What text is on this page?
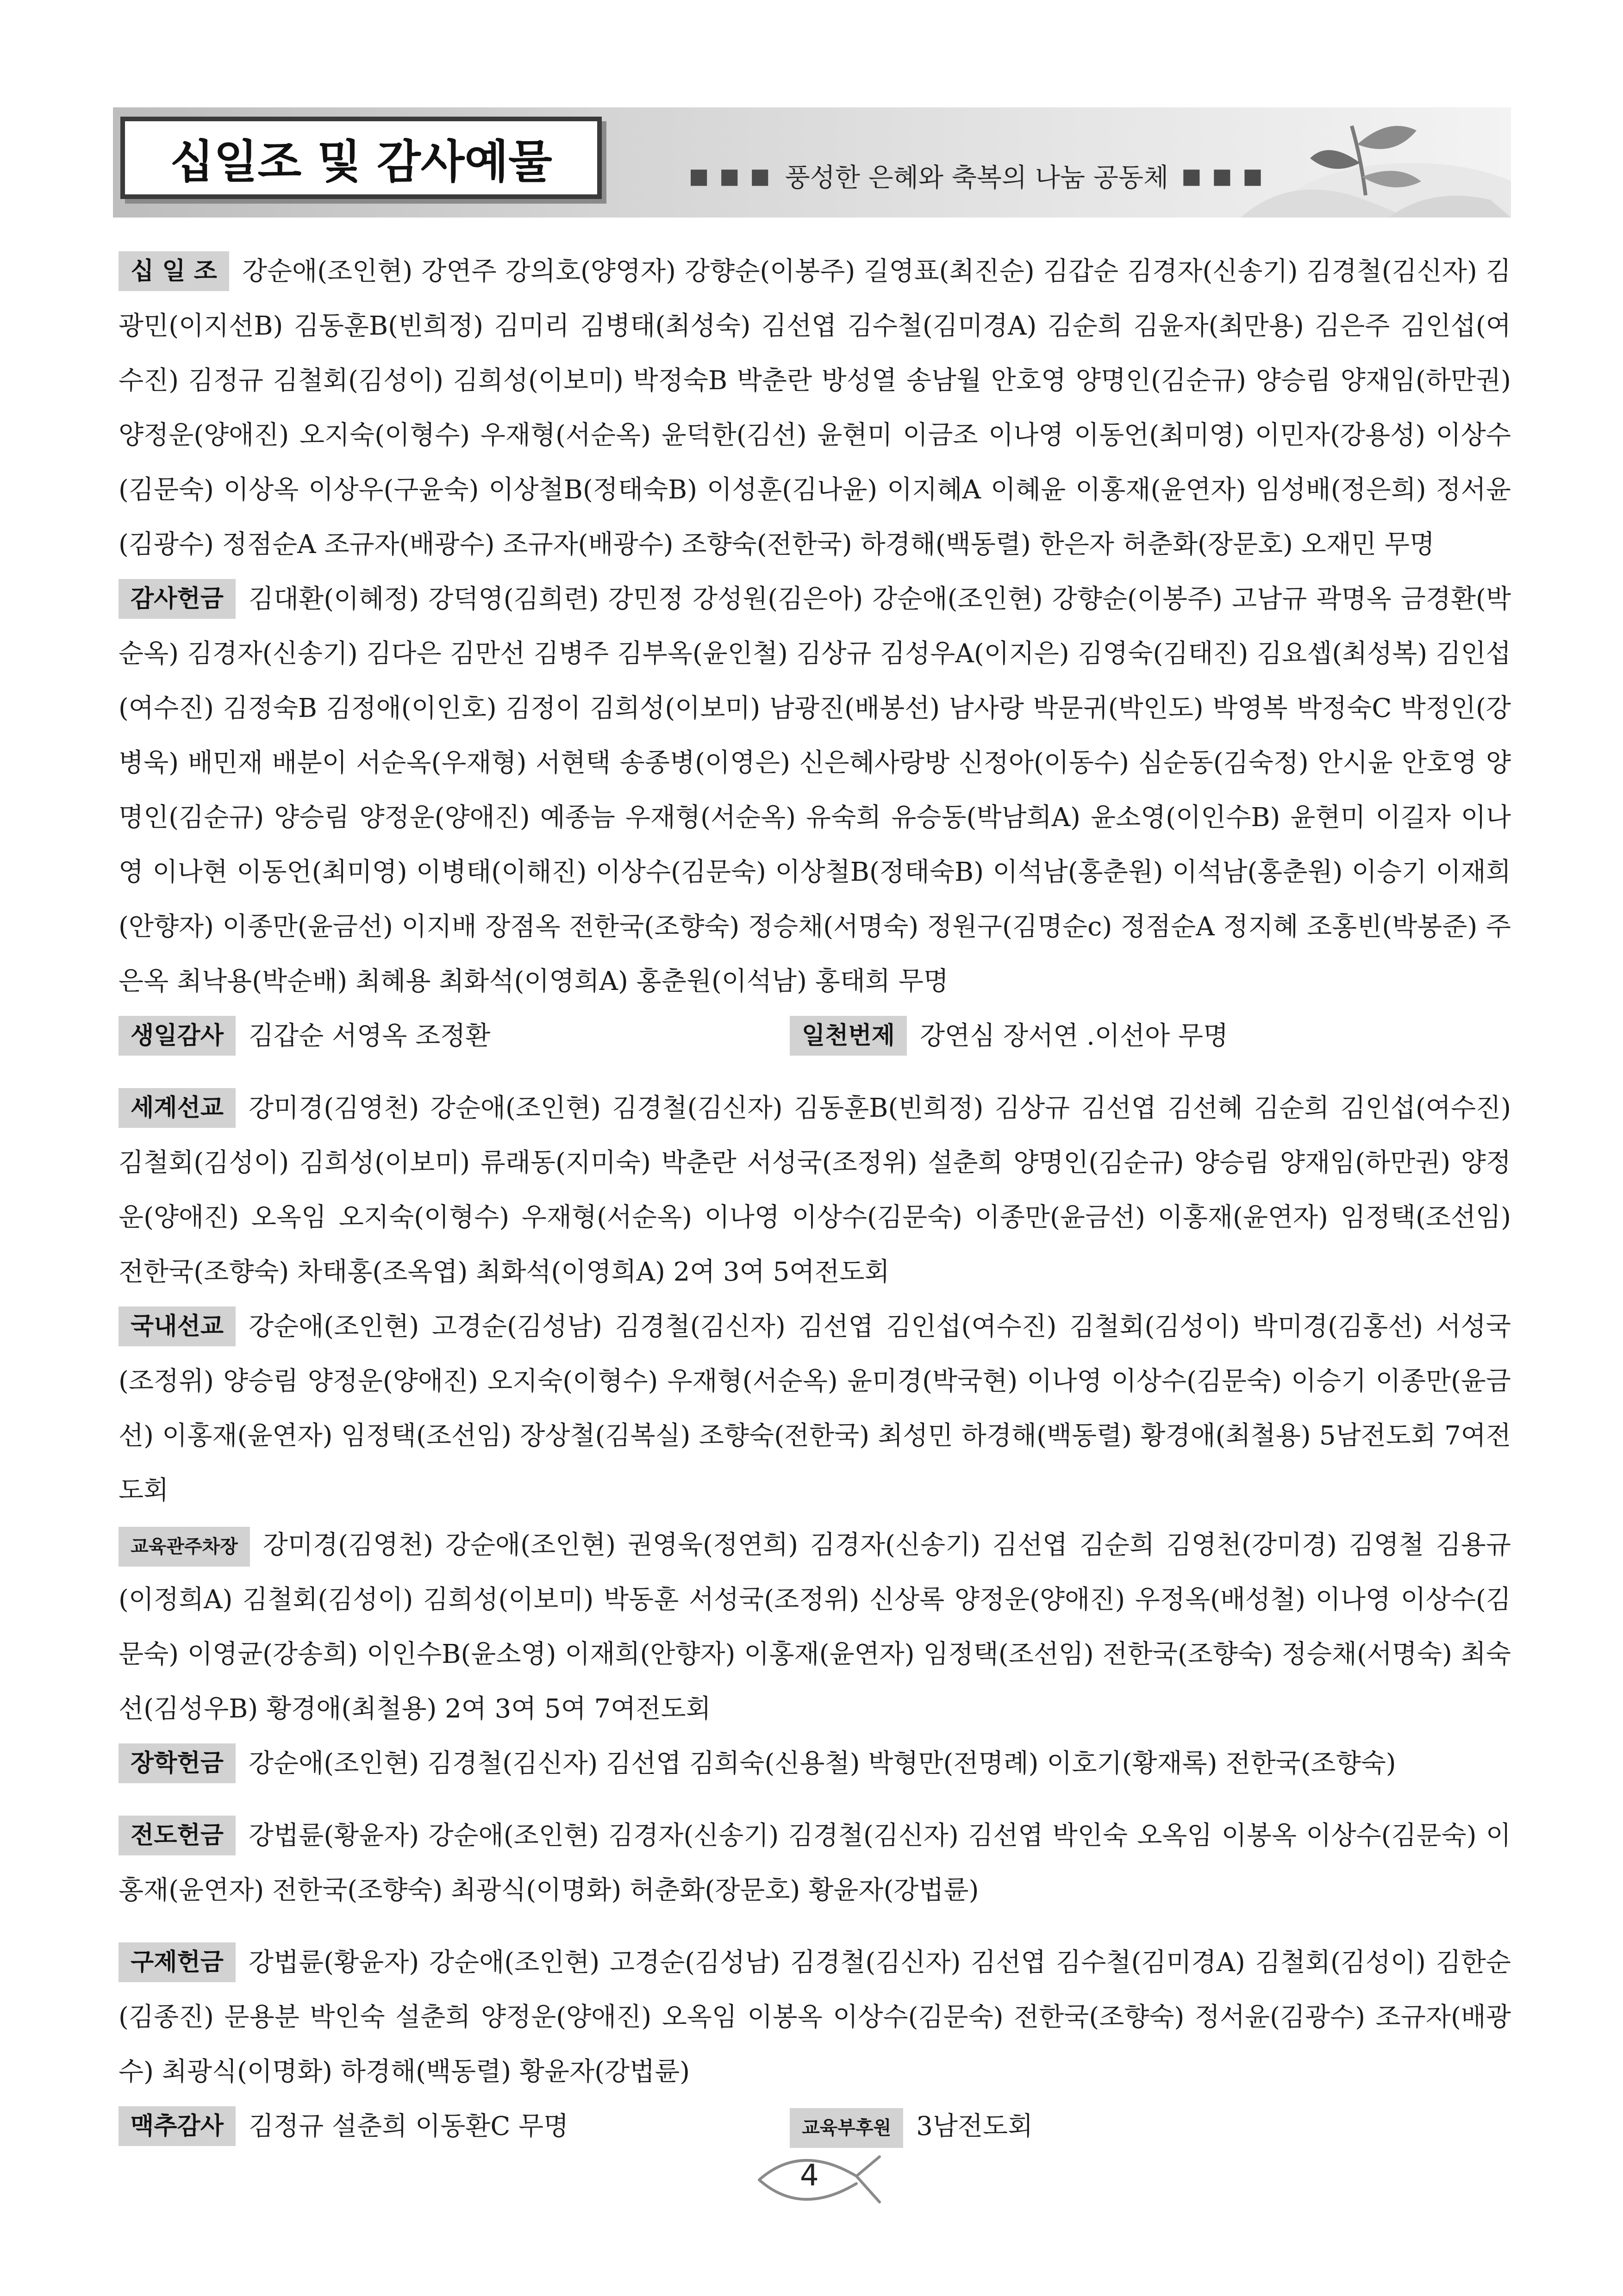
십일조 및 감사예물	■ ■ ■ 풍성한 은혜와 축복의 나눔 공동체 ■ ■ ■

십 일 조 강순애(조인현) 강연주 강의호(양영자) 강향순(이봉주) 길영표(최진순) 김갑순 김경자(신송기) 김경철(김신자) 김광민(이지선B) 김동훈B(빈희정) 김미리 김병태(최성숙) 김선엽 김수철(김미경A) 김순희 김윤자(최만용) 김은주 김인섭(여수진) 김정규 김철회(김성이) 김희성(이보미) 박정숙B 박춘란 방성열 송남월 안호영 양명인(김순규) 양승림 양재임(하만권) 양정운(양애진) 오지숙(이형수) 우재형(서순옥) 윤덕한(김선) 윤현미 이금조 이나영 이동언(최미영) 이민자(강용성) 이상수(김문숙) 이상옥 이상우(구윤숙) 이상철B(정태숙B) 이성훈(김나윤) 이지혜A 이혜윤 이홍재(윤연자) 임성배(정은희) 정서윤(김광수) 정점순A 조규자(배광수) 조규자(배광수) 조향숙(전한국) 하경해(백동렬) 한은자 허춘화(장문호) 오재민 무명

감사헌금 김대환(이혜정) 강덕영(김희련) 강민정 강성원(김은아) 강순애(조인현) 강향순(이봉주) 고남규 곽명옥 금경환(박순옥) 김경자(신송기) 김다은 김만선 김병주 김부옥(윤인철) 김상규 김성우A(이지은) 김영숙(김태진) 김요셉(최성복) 김인섭(여수진) 김정숙B 김정애(이인호) 김정이 김희성(이보미) 남광진(배봉선) 남사랑 박문귀(박인도) 박영복 박정숙C 박정인(강병욱) 배민재 배분이 서순옥(우재형) 서현택 송종병(이영은) 신은혜사랑방 신정아(이동수) 심순동(김숙정) 안시윤 안호영 양명인(김순규) 양승림 양정운(양애진) 예종늠 우재형(서순옥) 유숙희 유승동(박남희A) 윤소영(이인수B) 윤현미 이길자 이나영 이나현 이동언(최미영) 이병태(이해진) 이상수(김문숙) 이상철B(정태숙B) 이석남(홍춘원) 이석남(홍춘원) 이승기 이재희(안향자) 이종만(윤금선) 이지배 장점옥 전한국(조향숙) 정승채(서명숙) 정원구(김명순c) 정점순A 정지혜 조홍빈(박봉준) 주은옥 최낙용(박순배) 최혜용 최화석(이영희A) 홍춘원(이석남) 홍태희 무명

생일감사 김갑순 서영옥 조정환	일천번제 강연심 장서연 .이선아 무명

세계선교 강미경(김영천) 강순애(조인현) 김경철(김신자) 김동훈B(빈희정) 김상규 김선엽 김선혜 김순희 김인섭(여수진) 김철회(김성이) 김희성(이보미) 류래동(지미숙) 박춘란 서성국(조정위) 설춘희 양명인(김순규) 양승림 양재임(하만권) 양정운(양애진) 오옥임 오지숙(이형수) 우재형(서순옥) 이나영 이상수(김문숙) 이종만(윤금선) 이홍재(윤연자) 임정택(조선임) 전한국(조향숙) 차태홍(조옥엽) 최화석(이영희A) 2여 3여 5여전도회

국내선교 강순애(조인현) 고경순(김성남) 김경철(김신자) 김선엽 김인섭(여수진) 김철회(김성이) 박미경(김홍선) 서성국(조정위) 양승림 양정운(양애진) 오지숙(이형수) 우재형(서순옥) 윤미경(박국현) 이나영 이상수(김문숙) 이승기 이종만(윤금선) 이홍재(윤연자) 임정택(조선임) 장상철(김복실) 조향숙(전한국) 최성민 하경해(백동렬) 황경애(최철용) 5남전도회 7여전도회

교육관주차장 강미경(김영천) 강순애(조인현) 권영욱(정연희) 김경자(신송기) 김선엽 김순희 김영천(강미경) 김영철 김용규(이정희A) 김철회(김성이) 김희성(이보미) 박동훈 서성국(조정위) 신상록 양정운(양애진) 우정옥(배성철) 이나영 이상수(김문숙) 이영균(강송희) 이인수B(윤소영) 이재희(안향자) 이홍재(윤연자) 임정택(조선임) 전한국(조향숙) 정승채(서명숙) 최숙선(김성우B) 황경애(최철용) 2여 3여 5여 7여전도회

장학헌금 강순애(조인현) 김경철(김신자) 김선엽 김희숙(신용철) 박형만(전명례) 이호기(황재록) 전한국(조향숙)

전도헌금 강법륜(황윤자) 강순애(조인현) 김경자(신송기) 김경철(김신자) 김선엽 박인숙 오옥임 이봉옥 이상수(김문숙) 이홍재(윤연자) 전한국(조향숙) 최광식(이명화) 허춘화(장문호) 황윤자(강법륜)

구제헌금 강법륜(황윤자) 강순애(조인현) 고경순(김성남) 김경철(김신자) 김선엽 김수철(김미경A) 김철회(김성이) 김한순(김종진) 문용분 박인숙 설춘희 양정운(양애진) 오옥임 이봉옥 이상수(김문숙) 전한국(조향숙) 정서윤(김광수) 조규자(배광수) 최광식(이명화) 하경해(백동렬) 황윤자(강법륜)

맥추감사 김정규 설춘희 이동환C 무명	교육부후원 3남전도회
4
